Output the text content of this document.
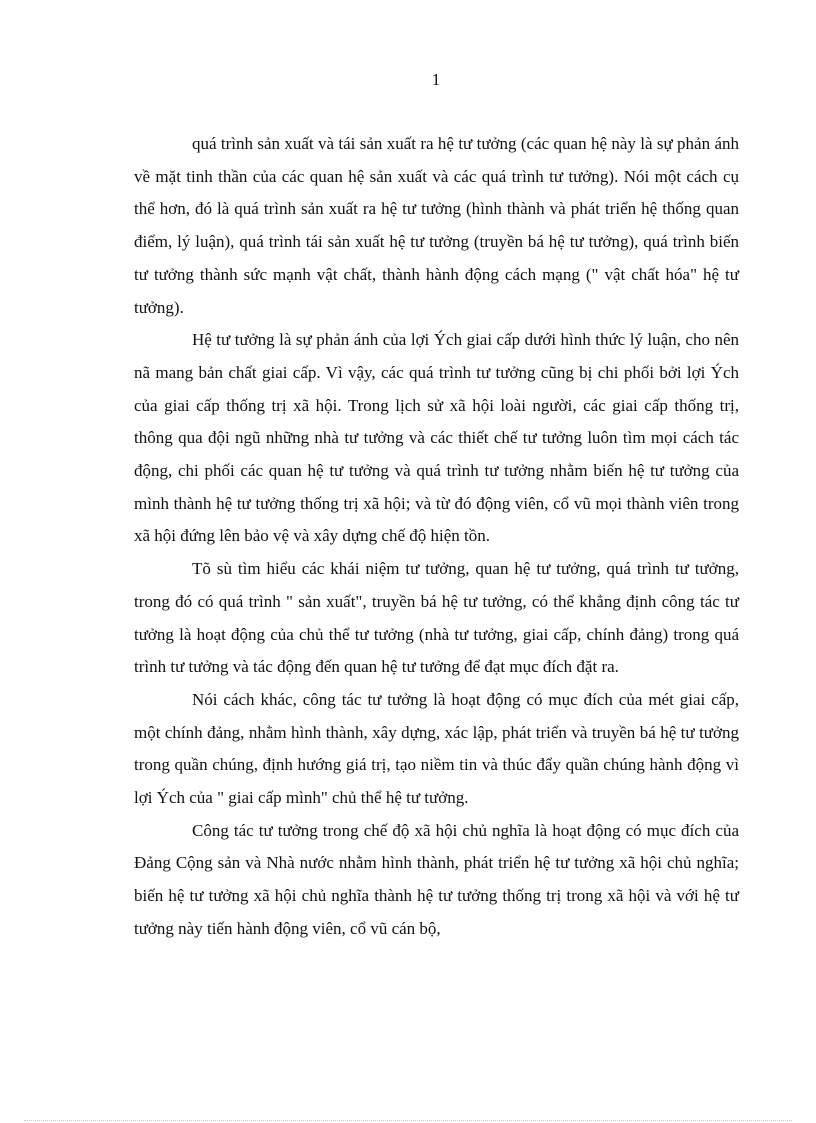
1

quá trình sản xuất và tái sản xuất ra hệ tư tưởng (các quan hệ này là sự phản ánh về mặt tinh thần của các quan hệ sản xuất và các quá trình tư tưởng). Nói một cách cụ thể hơn, đó là quá trình sản xuất ra hệ tư tưởng (hình thành và phát triển hệ thống quan điểm, lý luận), quá trình tái sản xuất hệ tư tưởng (truyền bá hệ tư tưởng), quá trình biến tư tưởng thành sức mạnh vật chất, thành hành động cách mạng (" vật chất hóa" hệ tư tưởng).

Hệ tư tưởng là sự phản ánh của lợi Ých giai cấp dưới hình thức lý luận, cho nên nã mang bản chất giai cấp. Vì vậy, các quá trình tư tưởng cũng bị chi phối bởi lợi Ých của giai cấp thống trị xã hội. Trong lịch sử xã hội loài người, các giai cấp thống trị, thông qua đội ngũ những nhà tư tưởng và các thiết chế tư tưởng luôn tìm mọi cách tác động, chi phối các quan hệ tư tưởng và quá trình tư tưởng nhằm biến hệ tư tưởng của mình thành hệ tư tưởng thống trị xã hội; và từ đó động viên, cổ vũ mọi thành viên trong xã hội đứng lên bảo vệ và xây dựng chế độ hiện tồn.

Tõ sù tìm hiểu các khái niệm tư tưởng, quan hệ tư tưởng, quá trình tư tưởng, trong đó có quá trình " sản xuất", truyền bá hệ tư tưởng, có thể khẳng định công tác tư tưởng là hoạt động của chủ thể tư tưởng (nhà tư tưởng, giai cấp, chính đảng) trong quá trình tư tưởng và tác động đến quan hệ tư tưởng để đạt mục đích đặt ra.

Nói cách khác, công tác tư tưởng là hoạt động có mục đích của mét giai cấp, một chính đảng, nhằm hình thành, xây dựng, xác lập, phát triển và truyền bá hệ tư tưởng trong quần chúng, định hướng giá trị, tạo niềm tin và thúc đẩy quần chúng hành động vì lợi Ých của " giai cấp mình" chủ thể hệ tư tưởng.

Công tác tư tưởng trong chế độ xã hội chủ nghĩa là hoạt động có mục đích của Đảng Cộng sản và Nhà nước nhằm hình thành, phát triển hệ tư tưởng xã hội chủ nghĩa; biến hệ tư tưởng xã hội chủ nghĩa thành hệ tư tưởng thống trị trong xã hội và với hệ tư tưởng này tiến hành động viên, cổ vũ cán bộ,
